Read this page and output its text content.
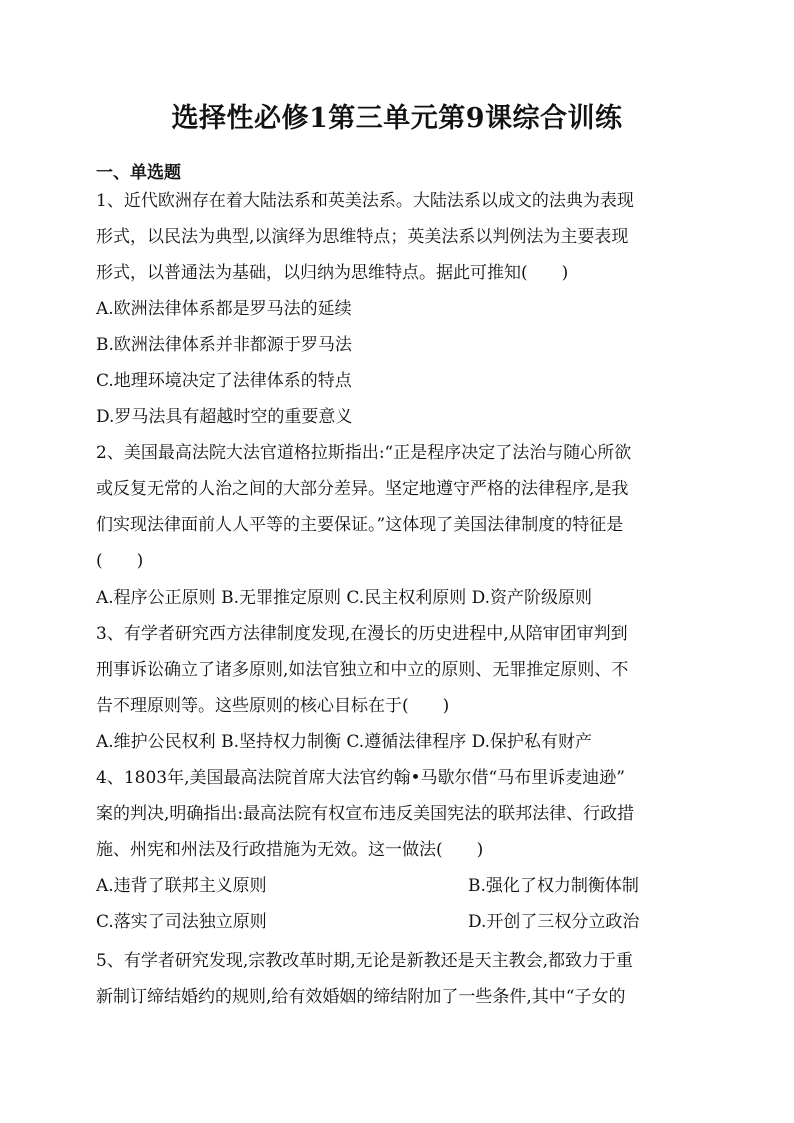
选择性必修1第三单元第9课综合训练
一、单选题
1、近代欧洲存在着大陆法系和英美法系。大陆法系以成文的法典为表现
形式，以民法为典型,以演绎为思维特点；英美法系以判例法为主要表现
形式，以普通法为基础，以归纳为思维特点。据此可推知(　　)
A.欧洲法律体系都是罗马法的延续
B.欧洲法律体系并非都源于罗马法
C.地理环境决定了法律体系的特点
D.罗马法具有超越时空的重要意义
2、美国最高法院大法官道格拉斯指出:“正是程序决定了法治与随心所欲
或反复无常的人治之间的大部分差异。坚定地遵守严格的法律程序,是我
们实现法律面前人人平等的主要保证。”这体现了美国法律制度的特征是
(　　)
A.程序公正原则 B.无罪推定原则 C.民主权利原则 D.资产阶级原则
3、有学者研究西方法律制度发现,在漫长的历史进程中,从陪审团审判到
刑事诉讼确立了诸多原则,如法官独立和中立的原则、无罪推定原则、不
告不理原则等。这些原则的核心目标在于(　　)
A.维护公民权利 B.坚持权力制衡 C.遵循法律程序 D.保护私有财产
4、1803年,美国最高法院首席大法官约翰•马歇尔借“马布里诉麦迪逊”
案的判决,明确指出:最高法院有权宣布违反美国宪法的联邦法律、行政措
施、州宪和州法及行政措施为无效。这一做法(　　)
A.违背了联邦主义原则	B.强化了权力制衡体制
C.落实了司法独立原则	D.开创了三权分立政治
5、有学者研究发现,宗教改革时期,无论是新教还是天主教会,都致力于重
新制订缔结婚约的规则,给有效婚姻的缔结附加了一些条件,其中“子女的
